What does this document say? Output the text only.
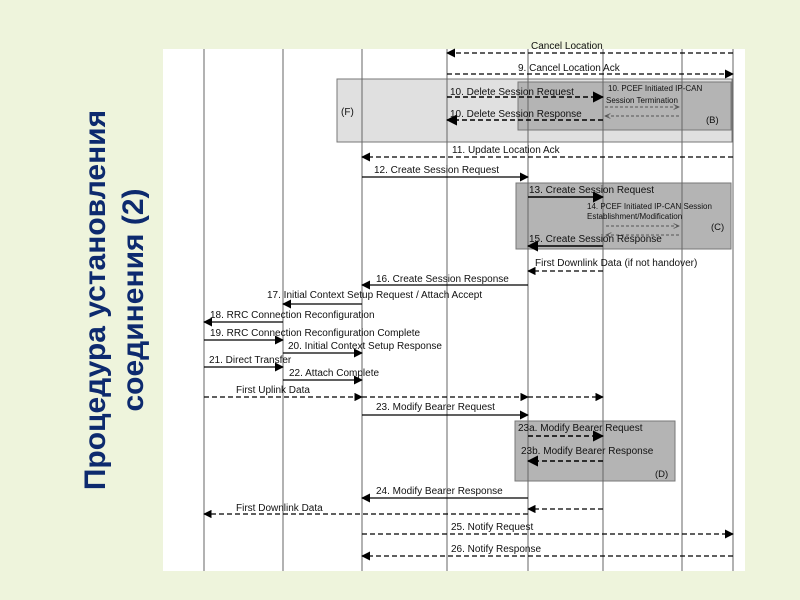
Процедура установления соединения (2)
Cancel Location
9. Cancel Location Ack
10. Delete Session Request
10. Delete Session Response
(F)
10. PCEF Initiated IP-CAN
Session Termination
(B)
11. Update Location Ack
12. Create Session Request
13. Create Session Request
14. PCEF Initiated IP-CAN Session
Establishment/Modification
(C)
15. Create Session Response
First Downlink Data (if not handover)
16. Create Session Response
17. Initial Context Setup Request / Attach Accept
18. RRC Connection Reconfiguration
19. RRC Connection Reconfiguration Complete
20. Initial Context Setup Response
21. Direct Transfer
22. Attach Complete
First Uplink Data
23. Modify Bearer Request
23a. Modify Bearer Request
23b. Modify Bearer Response
(D)
24. Modify Bearer Response
First Downlink Data
25. Notify Request
26. Notify Response
